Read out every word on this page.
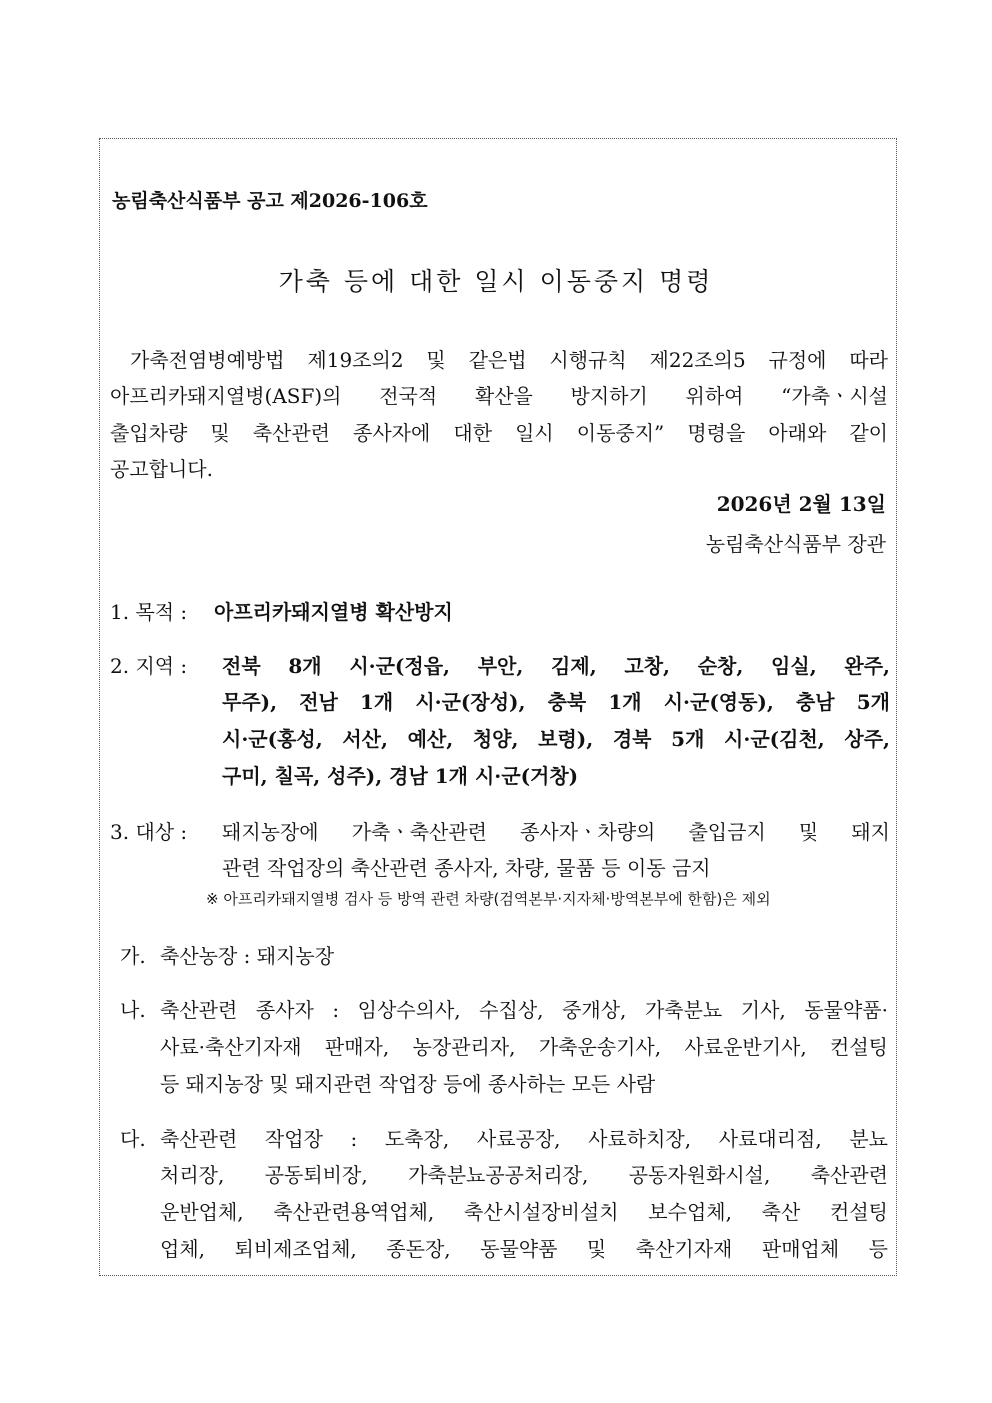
농림축산식품부 공고 제2026-106호
가축 등에 대한 일시 이동중지 명령
가축전염병예방법 제19조의2 및 같은법 시행규칙 제22조의5 규정에 따라
아프리카돼지열병(ASF)의 전국적 확산을 방지하기 위하여 “가축ㆍ시설
출입차량 및 축산관련 종사자에 대한 일시 이동중지” 명령을 아래와 같이
공고합니다.
2026년 2월 13일
농림축산식품부 장관
1. 목적 : 아프리카돼지열병 확산방지
2. 지역 : 전북 8개 시·군(정읍, 부안, 김제, 고창, 순창, 임실, 완주,
무주), 전남 1개 시·군(장성), 충북 1개 시·군(영동), 충남 5개
시·군(홍성, 서산, 예산, 청양, 보령), 경북 5개 시·군(김천, 상주,
구미, 칠곡, 성주), 경남 1개 시·군(거창)
3. 대상 : 돼지농장에 가축ㆍ축산관련 종사자ㆍ차량의 출입금지 및 돼지
관련 작업장의 축산관련 종사자, 차량, 물품 등 이동 금지
※ 아프리카돼지열병 검사 등 방역 관련 차량(검역본부·지자체·방역본부에 한함)은 제외
가. 축산농장 : 돼지농장
나. 축산관련 종사자 : 임상수의사, 수집상, 중개상, 가축분뇨 기사, 동물약품·
사료·축산기자재 판매자, 농장관리자, 가축운송기사, 사료운반기사, 컨설팅
등 돼지농장 및 돼지관련 작업장 등에 종사하는 모든 사람
다. 축산관련 작업장 : 도축장, 사료공장, 사료하치장, 사료대리점, 분뇨
처리장, 공동퇴비장, 가축분뇨공공처리장, 공동자원화시설, 축산관련
운반업체, 축산관련용역업체, 축산시설장비설치 보수업체, 축산 컨설팅
업체, 퇴비제조업체, 종돈장, 동물약품 및 축산기자재 판매업체 등
